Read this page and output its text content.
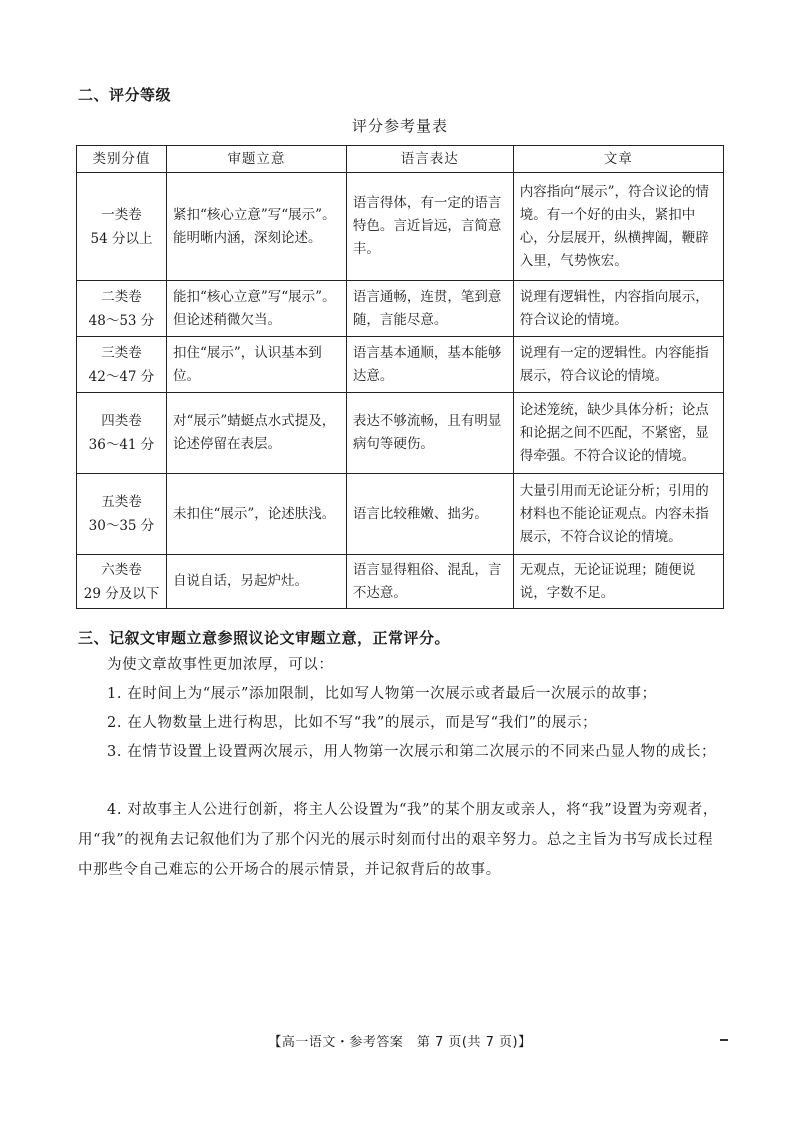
二、评分等级
评分参考量表
类别分值	审题立意	语言表达	文章

一类卷
54 分以上	紧扣“核心立意”写“展示”。能明晰内涵，深刻论述。	语言得体，有一定的语言特色。言近旨远，言简意丰。	内容指向“展示”，符合议论的情境。有一个好的由头，紧扣中心，分层展开，纵横捭阖，鞭辟入里，气势恢宏。

二类卷
48～53 分	能扣“核心立意”写“展示”。但论述稍微欠当。	语言通畅，连贯，笔到意随，言能尽意。	说理有逻辑性，内容指向展示，符合议论的情境。

三类卷
42～47 分	扣住“展示”，认识基本到位。	语言基本通顺，基本能够达意。	说理有一定的逻辑性。内容能指展示，符合议论的情境。

四类卷
36～41 分	对“展示”蜻蜓点水式提及，论述停留在表层。	表达不够流畅，且有明显病句等硬伤。	论述笼统，缺少具体分析；论点和论据之间不匹配，不紧密，显得牵强。不符合议论的情境。

五类卷
30～35 分	未扣住“展示”，论述肤浅。	语言比较稚嫩、拙劣。	大量引用而无论证分析；引用的材料也不能论证观点。内容未指展示，不符合议论的情境。

六类卷
29 分及以下	自说自话，另起炉灶。	语言显得粗俗、混乱，言不达意。	无观点，无论证说理；随便说说，字数不足。
三、记叙文审题立意参照议论文审题立意，正常评分。

为使文章故事性更加浓厚，可以：

1. 在时间上为“展示”添加限制，比如写人物第一次展示或者最后一次展示的故事；

2. 在人物数量上进行构思，比如不写“我”的展示，而是写“我们”的展示；

3. 在情节设置上设置两次展示，用人物第一次展示和第二次展示的不同来凸显人物的成长；

4. 对故事主人公进行创新，将主人公设置为“我”的某个朋友或亲人，将“我”设置为旁观者，用“我”的视角去记叙他们为了那个闪光的展示时刻而付出的艰辛努力。总之主旨为书写成长过程中那些令自己难忘的公开场合的展示情景，并记叙背后的故事。

【高一语文・参考答案　第 7 页(共 7 页)】
